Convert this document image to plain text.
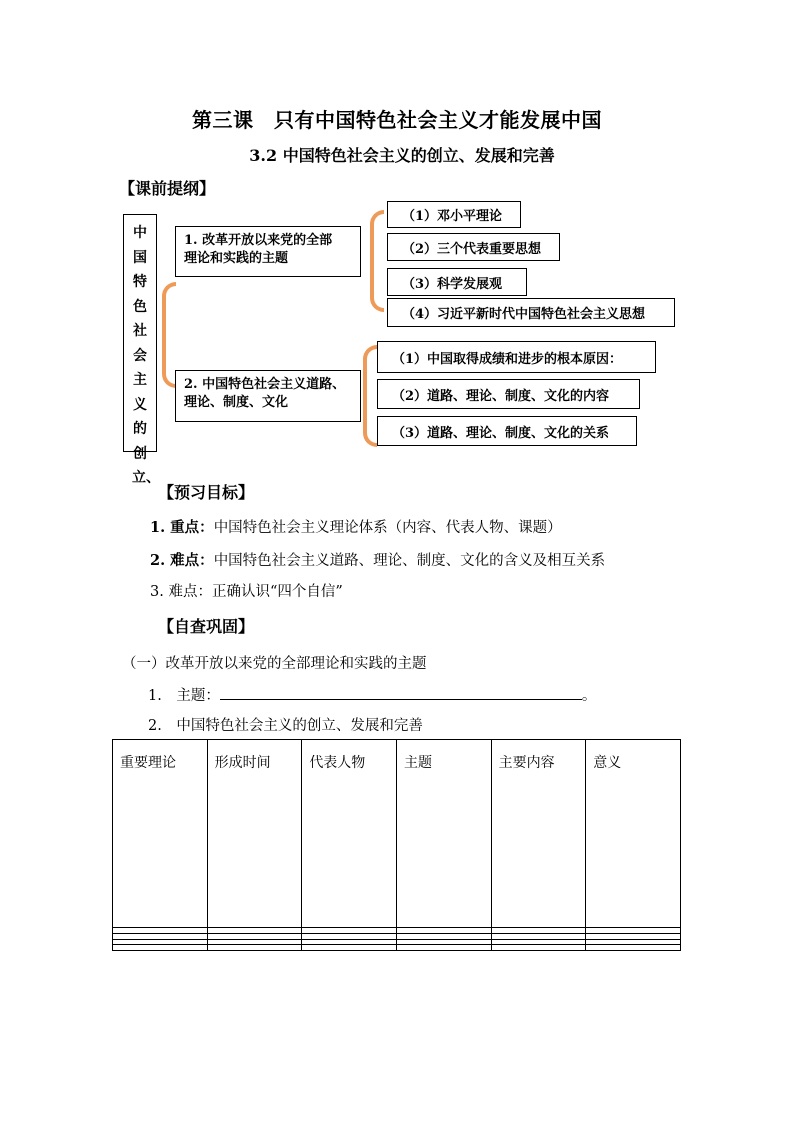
第三课　只有中国特色社会主义才能发展中国
3.2 中国特色社会主义的创立、发展和完善
【课前提纲】
中
国
特
色
社
会
主
义
的
创
立、
1. 改革开放以来党的全部
理论和实践的主题
（1）邓小平理论
（2）三个代表重要思想
（3）科学发展观
（4）习近平新时代中国特色社会主义思想
2. 中国特色社会主义道路、
理论、制度、文化
（1）中国取得成绩和进步的根本原因：
（2）道路、理论、制度、文化的内容
（3）道路、理论、制度、文化的关系
【预习目标】
1. 重点：中国特色社会主义理论体系（内容、代表人物、课题）
2. 难点：中国特色社会主义道路、理论、制度、文化的含义及相互关系
3. 难点：正确认识“四个自信”
【自查巩固】
（一）改革开放以来党的全部理论和实践的主题
1.　主题：	。
2.　中国特色社会主义的创立、发展和完善
重要理论	形成时间	代表人物	主题	主要内容	意义
